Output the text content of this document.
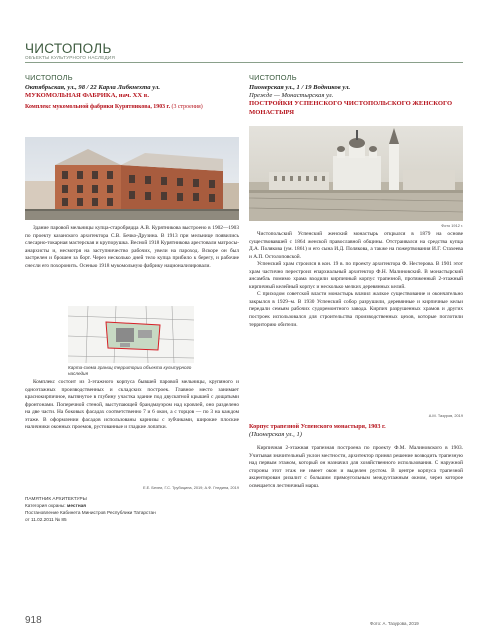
ЧИСТОПОЛЬ
ОБЪЕКТЫ КУЛЬТУРНОГО НАСЛЕДИЯ
ЧИСТОПОЛЬ
Октябрьская, ул., 98 / 22 Карла Либкнехта ул.
МУКОМОЛЬНАЯ ФАБРИКА, нач. XX в.
Комплекс мукомольной фабрики Курятникова, 1903 г. (3 строения)

Здание паровой мельницы купца-старобрядца А.В. Курятникова выстроено в 1902—1903 по проекту казанского архитектора С.В. Бечко-Друзина. В 1913 при мельнице появились слесарно-токарная мастерская и крупорушка. Весной 1918 Курятникова арестовали матросы-анархисты и, несмотря на заступничество рабочих, увели на пароход. Вскоре он был застрелен и брошен за борт. Через несколько дней тело купца прибило к берегу, и рабочие снесли его похоронить. Осенью 1918 мукомольную фабрику национализировали.

Карта-схема границ территории объекта культурного наследия

Комплекс состоит из 3-этажного корпуса бывшей паровой мельницы, крупяного и одноэтажных производственных и складских построек. Главное место занимает краснокирпичное, вытянутое в глубину участка здание под двускатной крышей с дощатыми фронтонами. Поперечной стеной, выступающей брандмауэром над кровлей, оно разделено на две части. На боковых фасадах соответственно 7 и 6 окон, а с торцов — по 3 на каждом этаже. В оформлении фасадов использованы карнизы с зубчиками, широкие плоские наличники оконных проемов, рустованные и гладкие лопатки.

Е.Е. Бехеи, Г.С. Трубицина, 2019; А.Ф. Гнедина, 2019
ПАМЯТНИК АРХИТЕКТУРЫ
Категория охраны: местная
Постановление Кабинета Министров Республики Татарстан
от 11.02.2011 № 85
ЧИСТОПОЛЬ
Пионерская ул., 1 / 19 Водников ул.
Прежде — Монастырская ул.
ПОСТРОЙКИ УСПЕНСКОГО ЧИСТОПОЛЬСКОГО ЖЕНСКОГО МОНАСТЫРЯ
Фото 1912 г.

Чистопольский Успенский женский монастырь открылся в 1879 на основе существовавшей с 1864 женской православной общины. Отстраивался на средства купца Д.А. Полякова (ум. 1861) и его сына И.Д. Полякова, а также на пожертвования И.Г. Стахеева и А.П. Остолоповской.

Успенский храм строился в кон. 19 в. по проекту архитектора Ф. Нестерова. В 1901 этот храм частично перестроил епархиальный архитектор Ф.Н. Малиновский. В монастырский ансамбль помимо храма входили кирпичный корпус трапезной, протяженный 2-этажный кирпичный келейный корпус и несколько мелких деревянных келий.

С приходом советской власти монастырь влачил жалкое существование и окончательно закрылся в 1929–м. В 1930 Успенский собор разрушили, деревянные и кирпичные кельи передали семьям рабочих судоремонтного завода. Кирпич разрушенных храмов и других построек использовался для строительства производственных цехов, которые поглотили территорию обители.

А.М. Тазуров, 2019
Корпус трапезной Успенского монастыря, 1903 г.
(Пионерская ул., 1)

Кирпичная 2-этажная трапезная построена по проекту Ф.М. Малиновского в 1903. Учитывая значительный уклон местности, архитектор принял решение возводить трапезную над первым этажом, который он назначил для хозяйственного использования. С наружной стороны этот этаж не имеет окон и выделен рустом. В центре корпуса трапезной акцентирован ризалит с большим прямоугольным междуэтажным окном, через которое освещается лестничный марш.

918	Фото: А. Тазурова, 2019
